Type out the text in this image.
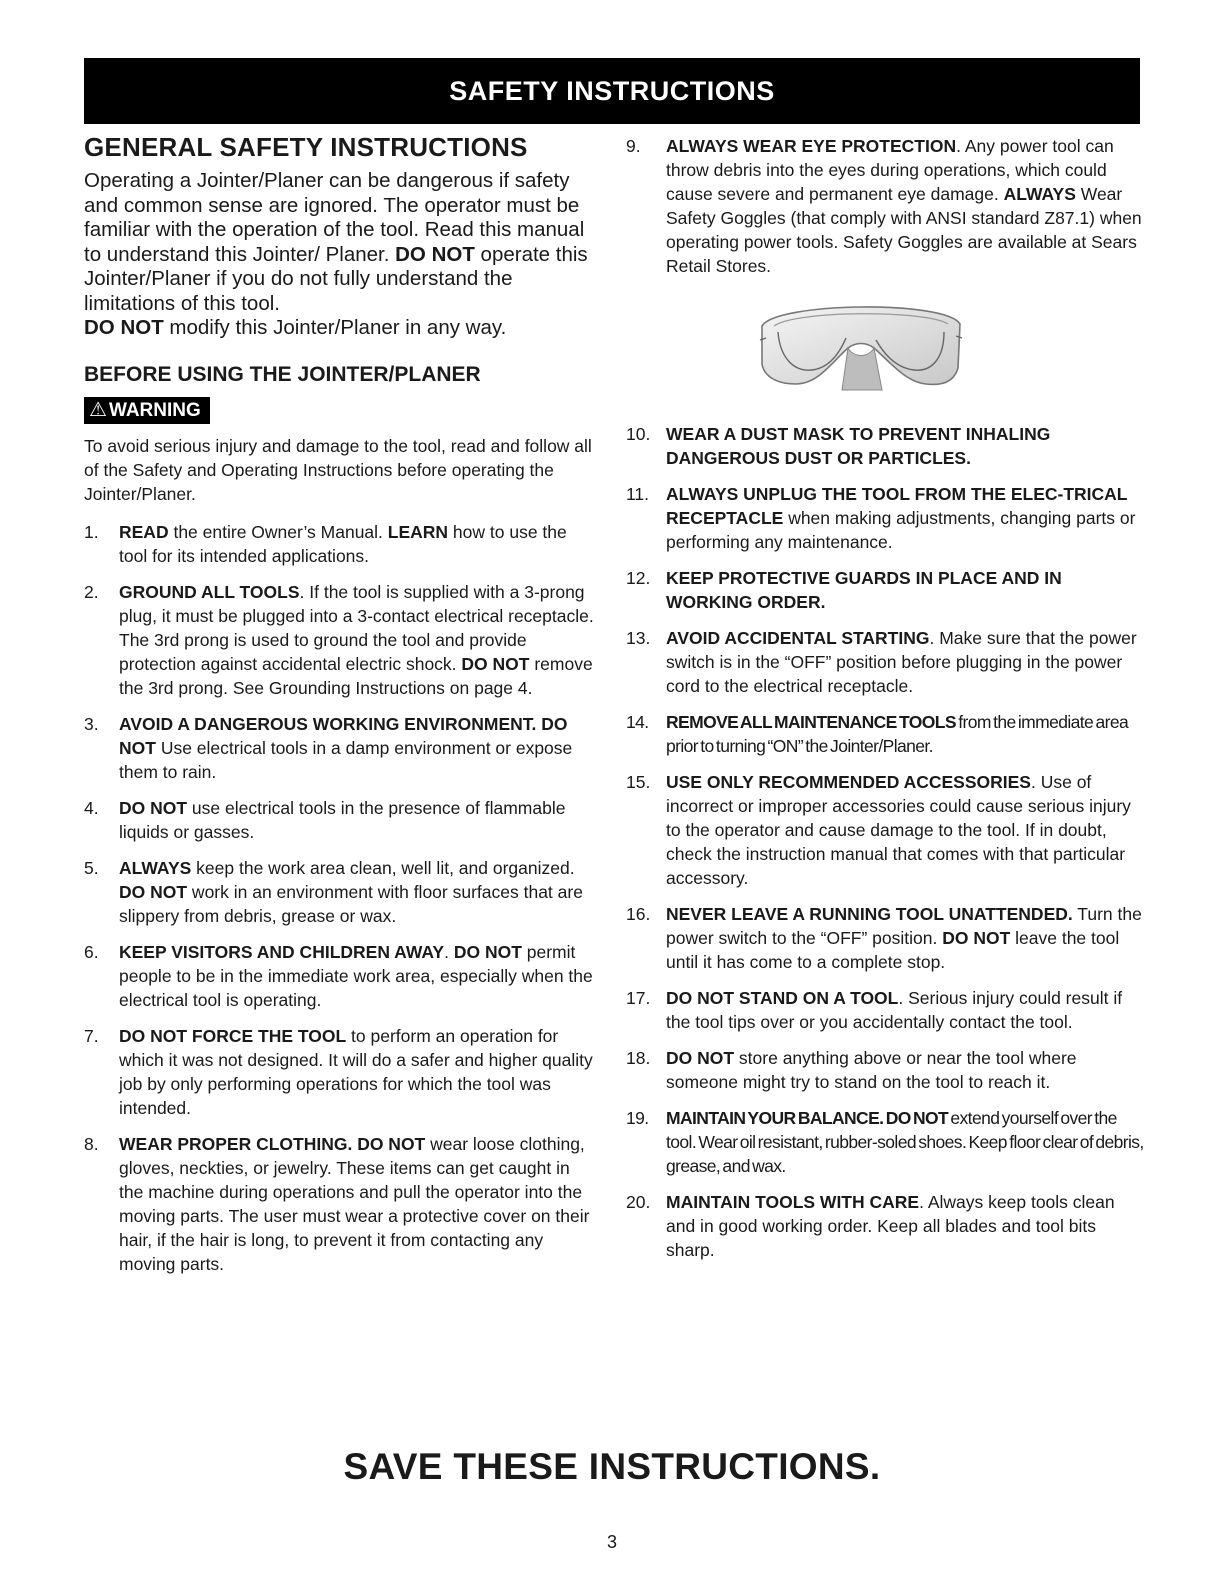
SAFETY INSTRUCTIONS
GENERAL SAFETY INSTRUCTIONS

Operating a Jointer/Planer can be dangerous if safety and common sense are ignored. The operator must be familiar with the operation of the tool. Read this manual to understand this Jointer/ Planer. DO NOT operate this Jointer/Planer if you do not fully understand the limitations of this tool.
DO NOT modify this Jointer/Planer in any way.

BEFORE USING THE JOINTER/PLANER
⚠ WARNING

To avoid serious injury and damage to the tool, read and follow all of the Safety and Operating Instructions before operating the Jointer/Planer.

1. READ the entire Owner’s Manual. LEARN how to use the tool for its intended applications.
2. GROUND ALL TOOLS. If the tool is supplied with a 3-prong plug, it must be plugged into a 3-contact electrical receptacle. The 3rd prong is used to ground the tool and provide protection against accidental electric shock. DO NOT remove the 3rd prong. See Grounding Instructions on page 4.
3. AVOID A DANGEROUS WORKING ENVIRONMENT. DO NOT Use electrical tools in a damp environment or expose them to rain.
4. DO NOT use electrical tools in the presence of flammable liquids or gasses.
5. ALWAYS keep the work area clean, well lit, and organized. DO NOT work in an environment with floor surfaces that are slippery from debris, grease or wax.
6. KEEP VISITORS AND CHILDREN AWAY. DO NOT permit people to be in the immediate work area, especially when the electrical tool is operating.
7. DO NOT FORCE THE TOOL to perform an operation for which it was not designed. It will do a safer and higher quality job by only performing operations for which the tool was intended.
8. WEAR PROPER CLOTHING. DO NOT wear loose clothing, gloves, neckties, or jewelry. These items can get caught in the machine during operations and pull the operator into the moving parts. The user must wear a protective cover on their hair, if the hair is long, to prevent it from contacting any moving parts.
9. ALWAYS WEAR EYE PROTECTION. Any power tool can throw debris into the eyes during operations, which could cause severe and permanent eye damage. ALWAYS Wear Safety Goggles (that comply with ANSI standard Z87.1) when operating power tools. Safety Goggles are available at Sears Retail Stores.
10. WEAR A DUST MASK TO PREVENT INHALING DANGEROUS DUST OR PARTICLES.
11. ALWAYS UNPLUG THE TOOL FROM THE ELEC-TRICAL RECEPTACLE when making adjustments, changing parts or performing any maintenance.
12. KEEP PROTECTIVE GUARDS IN PLACE AND IN WORKING ORDER.
13. AVOID ACCIDENTAL STARTING. Make sure that the power switch is in the “OFF” position before plugging in the power cord to the electrical receptacle.
14. REMOVE ALL MAINTENANCE TOOLS from the immediate area prior to turning “ON” the Jointer/Planer.
15. USE ONLY RECOMMENDED ACCESSORIES. Use of incorrect or improper accessories could cause serious injury to the operator and cause damage to the tool. If in doubt, check the instruction manual that comes with that particular accessory.
16. NEVER LEAVE A RUNNING TOOL UNATTENDED. Turn the power switch to the “OFF” position. DO NOT leave the tool until it has come to a complete stop.
17. DO NOT STAND ON A TOOL. Serious injury could result if the tool tips over or you accidentally contact the tool.
18. DO NOT store anything above or near the tool where someone might try to stand on the tool to reach it.
19. MAINTAIN YOUR BALANCE. DO NOT extend yourself over the tool. Wear oil resistant, rubber-soled shoes. Keep floor clear of debris, grease, and wax.
20. MAINTAIN TOOLS WITH CARE. Always keep tools clean and in good working order. Keep all blades and tool bits sharp.
SAVE THESE INSTRUCTIONS.
3
